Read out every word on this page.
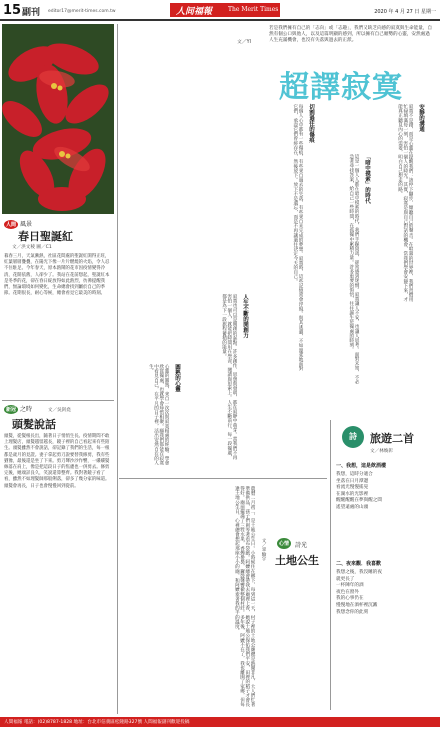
15 副刊 editor17@merit-times.com.tw	人间福報	The Merit Times	2020 年 4 月 27 日 星期一
人間 風景
春日聖誕紅
文／洪文稜 圖／C1
暮春三月，天氣漸熱，社區花間處的聖誕紅開得正旺，紅葉層層疊疊，在陽光下像一片片燃燒的火焰，令人忍不住駐足。今年春天，原本熱鬧的花市因疫情變得冷清，花開依舊，人卻少了。我站在花前想起，聖誕紅本是冬季的花，卻在春日綻放得如此熱烈，彷彿提醒我們，無論環境如何變化，生命總會找到屬於自己的季節。花期很長，耐心等候，總會看見它最美的時刻。
新冠 之時	文／吳釗堯
頭髮說話
頭髮，從髮根長出，隨著日子悄悄生長。疫情期間不敢上理髮店，頭髮越留越長，鏡子裡的自己看起來有些陌生。頭髮雖然不會說話，卻記錄了我們的生活，每一根都是歲月的見證。妻子拿起剪刀說要替我修剪，我有些猶豫，最後還是坐了下來。剪刀聲沙沙作響，一縷縷髮絲落在肩上，像是把這段日子的焦慮也一併剪去。修剪完後，她端詳良久，笑說還算整齊。我對著鏡子看了看，雖然不如理髮師那般俐落，卻多了幾分家的味道。頭髮會再長，日子也會慢慢回到從前。
若是我們擁有自己的「志向」或「志趣」，我們又缺乏向感的寂寞與生命能量，自然有個公口與他人，以及這篇明顯的感到，所以擁有自己順勢的心靈，安然處過人生充滿機會，也沒有失落與過去的正派。
文／YI
超譯寂寞
安靜的溝通
寂寞不是錯，而是心靈在提醒我們：該停下腳步，傾聽自己的聲音。在喧囂的世界裡，我們習慣用忙碌填滿每一刻，害怕一個人的時光。其實，寂寞是與自己對話的機會，當我們學會安靜下來，才能真正聽見內心的需要，明白自己想走的路。
「暗中摸索」的時代
這是一個人人都在暗中摸索的時代，我們手握資訊，卻常感到迷惘。寂寞讓人不安，也讓人思考。面對未知，不必急著尋找答案，給自己一些時間，在孤獨中累積力量。許多重要的領悟，往往誕生於獨處的時刻。
切割過往的傷痕
每個人心中都有一些傷痕，有些來自過去的失落，有些來自未完成的夢想。寂寞時，這些記憶常會浮現。與其逃避，不如溫柔地面對它們，承認它們曾經存在，然後放下。放下不是遺忘，而是不再讓過往決定今天的自己。
人生不斷的開創力
寂寞也可以是開創的起點。許多創作、思想與發明，都在寂靜中萌芽。當我們不再害怕一個人，就能把時間用在學習、閱讀與思索上。人生不斷前行，每一段獨處，都是為下一段旅程蓄積的能量。
圓熟的心靈
心靈的圓熟，來自一次次與寂寞相處的經驗。學會欣賞獨處，也就學會珍惜相聚。願我們都能在寂寞中看見自己，在平凡的日子裡，活出安然自在的人生。
詩	旅遊二首
文／林煥彰
一、我想，這是飲酒樓
我想，這時分適合
坐落在日月潭邊
看流光慢慢搖晃
在湖水的光影裡
醒醒醒醒在夢與醒之間
遙望遠處的山頭
二、夜來觀．我喜歡
我想之後，我沒睡的夜
就更長了
一杯陳年的酒
夜色在窗外
我的心事仍在
慢慢地在酒杯裡沉澱
我想念你的此刻
心情 詩光
土地公生
文／辜驗宇
農曆二月初二，是土地公生日。小時候住在鄉下，每到這一天，村子裡的土地公廟總是熱鬧非凡，大人們忙著準備供品，孩子們則等著看布袋戲。阿嬤總會帶我去廟裡上香，她說土地公保佑我們平安，田裡的稻子才會長得好。廟前擺滿了三牲水果，香煙裊裊，鑼鼓聲響徹整個村莊。多年後，阿嬤不在了，我也離開了家鄉，但每逢土地公生日，心裡總會想起那座小小的廟，和阿嬤牽著我的手的溫度。
人間福報 電話：(02)8787-1828 地址：台北市信義區松隆路327號 人間福報副刊歡迎投稿
